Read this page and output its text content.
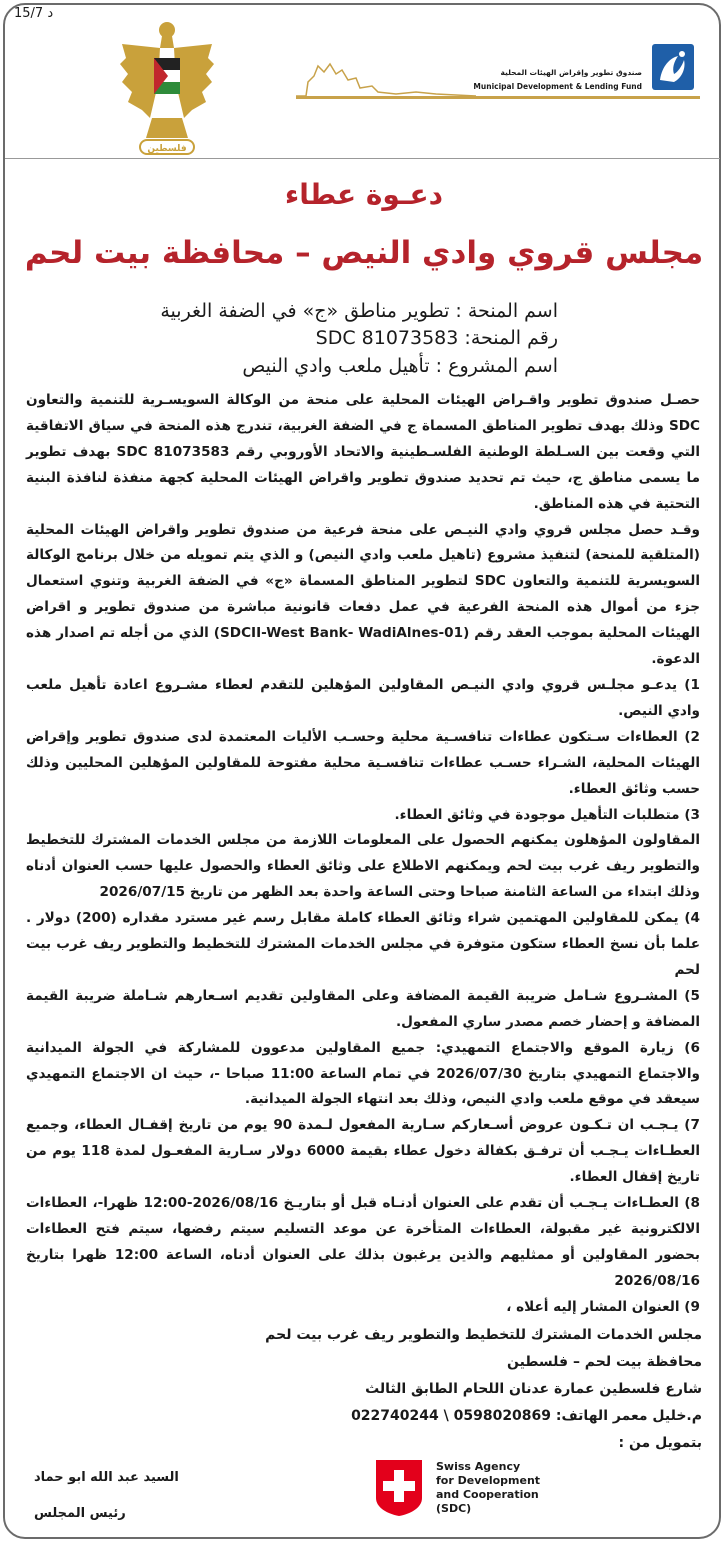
15/7 د
فلسطين
صندوق تطوير وإقراض الهيئات المحلية
Municipal Development & Lending Fund
دعـوة عطاء
مجلس قروي وادي النيص – محافظة بيت لحم
اسم المنحة : تطوير مناطق «ج» في الضفة الغربية
رقم المنحة: SDC 81073583
اسم المشروع : تأهيل ملعب وادي النيص

حصـل صندوق تطوير واقـراض الهيئات المحلية على منحة من الوكالة السويسـرية للتنمية والتعاون SDC وذلك بهدف تطوير المناطق المسماة ج في الضفة الغربية، تندرج هذه المنحة في سياق الاتفاقية التي وقعت بين السـلطة الوطنية الفلسـطينية والاتحاد الأوروبي رقم SDC 81073583 بهدف تطوير ما يسمى مناطق ج، حيث تم تحديد صندوق تطوير واقراض الهيئات المحلية كجهة منفذة لنافذة البنية التحتية في هذه المناطق.

وقـد حصل مجلس قروي وادي النيـص على منحة فرعية من صندوق تطوير واقراض الهيئات المحلية (المتلقية للمنحة) لتنفيذ مشروع (تاهيل ملعب وادي النيص) و الذي يتم تمويله من خلال برنامج الوكالة السويسرية للتنمية والتعاون SDC لتطوير المناطق المسماة «ج» في الضفة الغربية وتنوي استعمال جزء من أموال هذه المنحة الفرعية في عمل دفعات قانونية مباشرة من صندوق تطوير و اقراض الهيئات المحلية بموجب العقد رقم (SDCII-West Bank- WadiAlnes-01) الذي من أجله تم اصدار هذه الدعوة.

1) يدعـو مجلـس قروي وادي النيـص المقاولين المؤهلين للتقدم لعطاء مشـروع اعادة تأهيل ملعب وادي النيص.

2) العطاءات سـتكون عطاءات تنافسـية محلية وحسـب الأليات المعتمدة لدى صندوق تطوير وإقراض الهيئات المحلية، الشـراء حسـب عطاءات تنافسـية محلية مفتوحة للمقاولين المؤهلين المحليين وذلك حسب وثائق العطاء.

3) متطلبات التأهيل موجودة في وثائق العطاء.

المقاولون المؤهلون يمكنهم الحصول على المعلومات اللازمة من مجلس الخدمات المشترك للتخطيط والتطوير ريف غرب بيت لحم ويمكنهم الاطلاع على وثائق العطاء والحصول عليها حسب العنوان أدناه وذلك ابتداء من الساعة الثامنة صباحا وحتى الساعة واحدة بعد الظهر من تاريخ 2026/07/15

4) يمكن للمقاولين المهتمين شراء وثائق العطاء كاملة مقابل رسم غير مسترد مقداره (200) دولار . علما بأن نسخ العطاء ستكون متوفرة في مجلس الخدمات المشترك للتخطيط والتطوير ريف غرب بيت لحم

5) المشـروع شـامل ضريبة القيمة المضافة وعلى المقاولين تقديم اسـعارهم شـاملة ضريبة القيمة المضافة و إحضار خصم مصدر ساري المفعول.

6) زيارة الموقع والاجتماع التمهيدي: جميع المقاولين مدعوون للمشاركة في الجولة الميدانية والاجتماع التمهيدي بتاريخ 2026/07/30 في تمام الساعة 11:00 صباحا -، حيث ان الاجتماع التمهيدي سيعقد في موقع ملعب وادي النيص، وذلك بعد انتهاء الجولة الميدانية.

7) يـجـب ان تـكـون عروض أسـعاركم سـارية المفعول لـمدة 90 يوم من تاريخ إقفـال العطاء، وجميع العطـاءات يـجـب أن ترفـق بكفالة دخول عطاء بقيمة 6000 دولار سـارية المفعـول لمدة 118 يوم من تاريخ إقفال العطاء.

8) العطـاءات يـجـب أن تقدم على العنوان أدنـاه قبل أو بتاريـخ 2026/08/16-12:00 ظهرا-، العطاءات الالكترونية غير مقبولة، العطاءات المتأخرة عن موعد التسليم سيتم رفضها، سيتم فتح العطاءات بحضور المقاولين أو ممثليهم والذين يرغبون بذلك على العنوان أدناه، الساعة 12:00 ظهرا بتاريخ 2026/08/16

9) العنوان المشار إليه أعلاه ،

مجلس الخدمات المشترك للتخطيط والتطوير ريف غرب بيت لحم
محافظة بيت لحم – فلسطين
شارع فلسطين عمارة عدنان اللحام الطابق الثالث
م.خليل معمر الهاتف: 0598020869 \ 022740244
بتمويل من :
السيد عبد الله ابو حماد
رئيس المجلس
Swiss Agency
for Development
and Cooperation
(SDC)
